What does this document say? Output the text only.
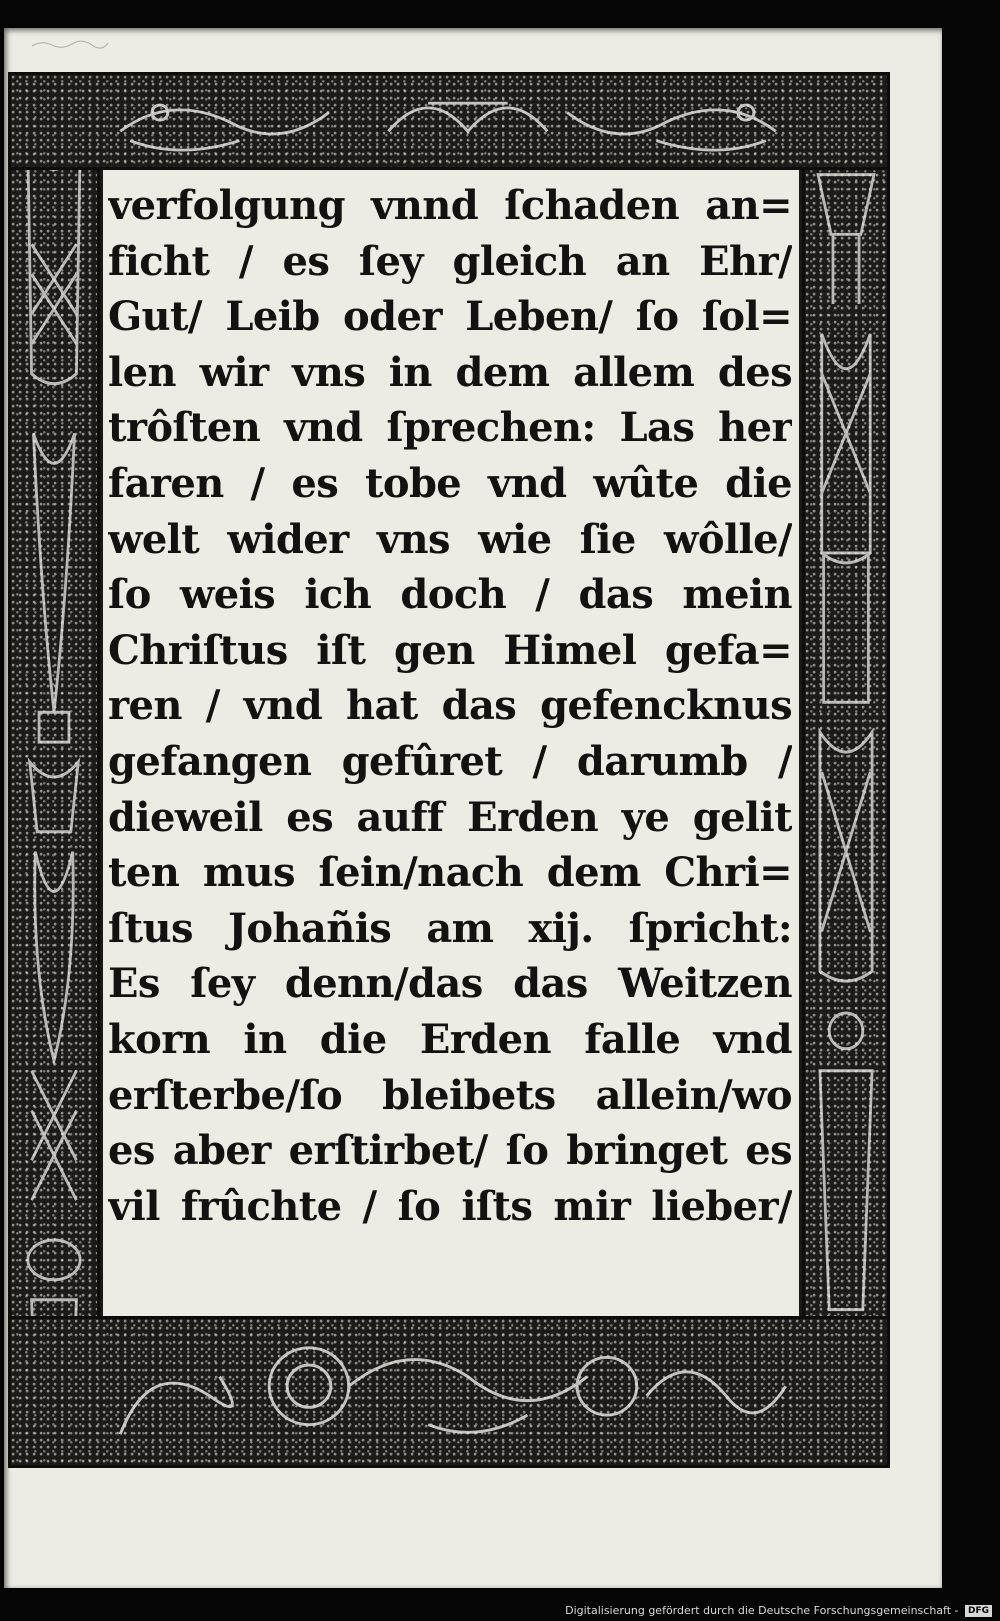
verfolgung vnnd ſchaden an=
ficht / es ſey gleich an Ehr/
Gut/ Leib oder Leben/ ſo ſol=
len wir vns in dem allem des
trôſten vnd ſprechen: Las her
faren / es tobe vnd wûte die
welt wider vns wie ſie wôlle/
ſo weis ich doch / das mein
Chriſtus iſt gen Himel gefa=
ren / vnd hat das gefencknus
gefangen gefûret / darumb /
dieweil es auff Erden ye gelit
ten mus ſein/nach dem Chri=
ſtus Johañis am xij. ſpricht:
Es ſey denn/das das Weitzen
korn in die Erden falle vnd
erſterbe/ſo bleibets allein/wo
es aber erſtirbet/ ſo bringet es
vil frûchte / ſo iſts mir lieber/
Digitalisierung gefördert durch die Deutsche Forschungsgemeinschaft - DFG
